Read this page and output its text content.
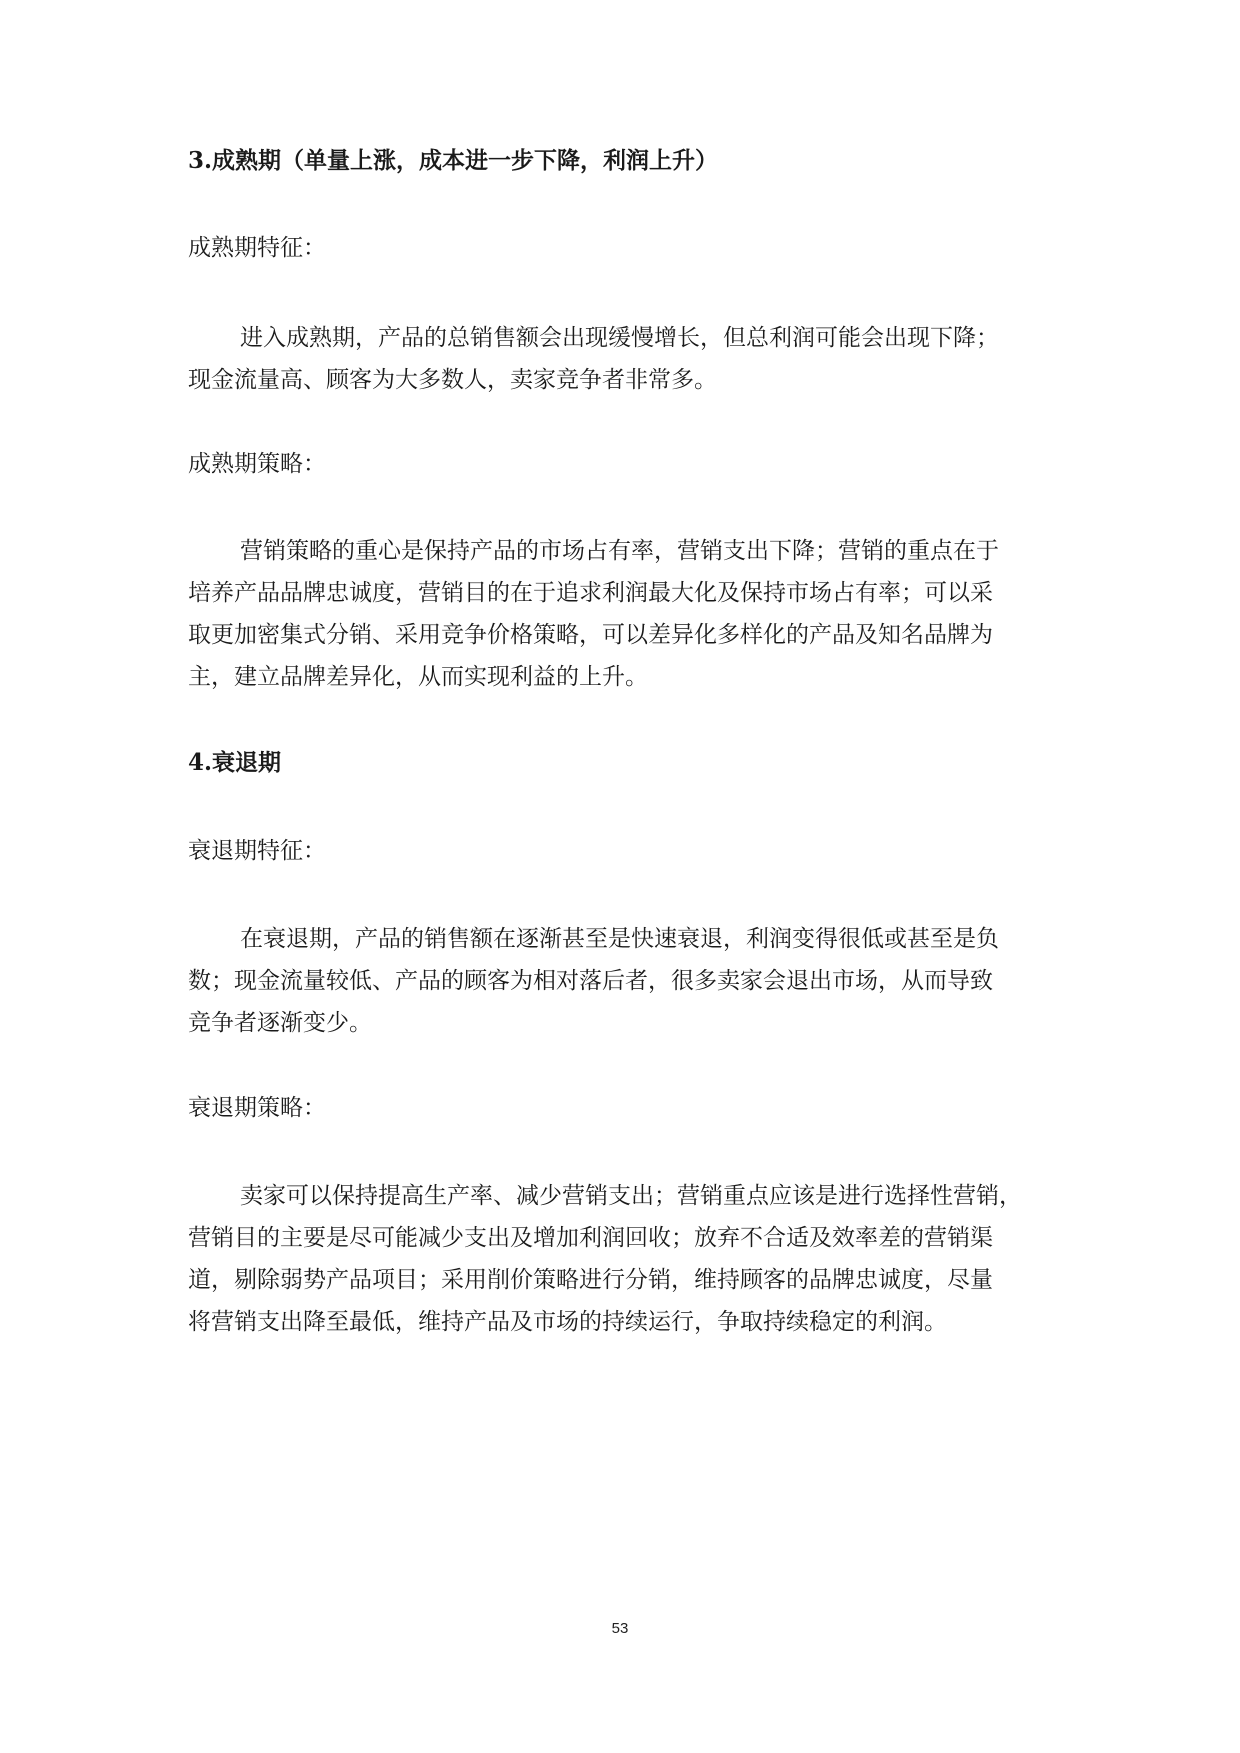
3.成熟期（单量上涨，成本进一步下降，利润上升）

成熟期特征：

进入成熟期，产品的总销售额会出现缓慢增长，但总利润可能会出现下降；
现金流量高、顾客为大多数人，卖家竞争者非常多。

成熟期策略：

营销策略的重心是保持产品的市场占有率，营销支出下降；营销的重点在于
培养产品品牌忠诚度，营销目的在于追求利润最大化及保持市场占有率；可以采
取更加密集式分销、采用竞争价格策略，可以差异化多样化的产品及知名品牌为
主，建立品牌差异化，从而实现利益的上升。

4.衰退期

衰退期特征：

在衰退期，产品的销售额在逐渐甚至是快速衰退，利润变得很低或甚至是负
数；现金流量较低、产品的顾客为相对落后者，很多卖家会退出市场，从而导致
竞争者逐渐变少。

衰退期策略：

卖家可以保持提高生产率、减少营销支出；营销重点应该是进行选择性营销，
营销目的主要是尽可能减少支出及增加利润回收；放弃不合适及效率差的营销渠
道，剔除弱势产品项目；采用削价策略进行分销，维持顾客的品牌忠诚度，尽量
将营销支出降至最低，维持产品及市场的持续运行，争取持续稳定的利润。
53
